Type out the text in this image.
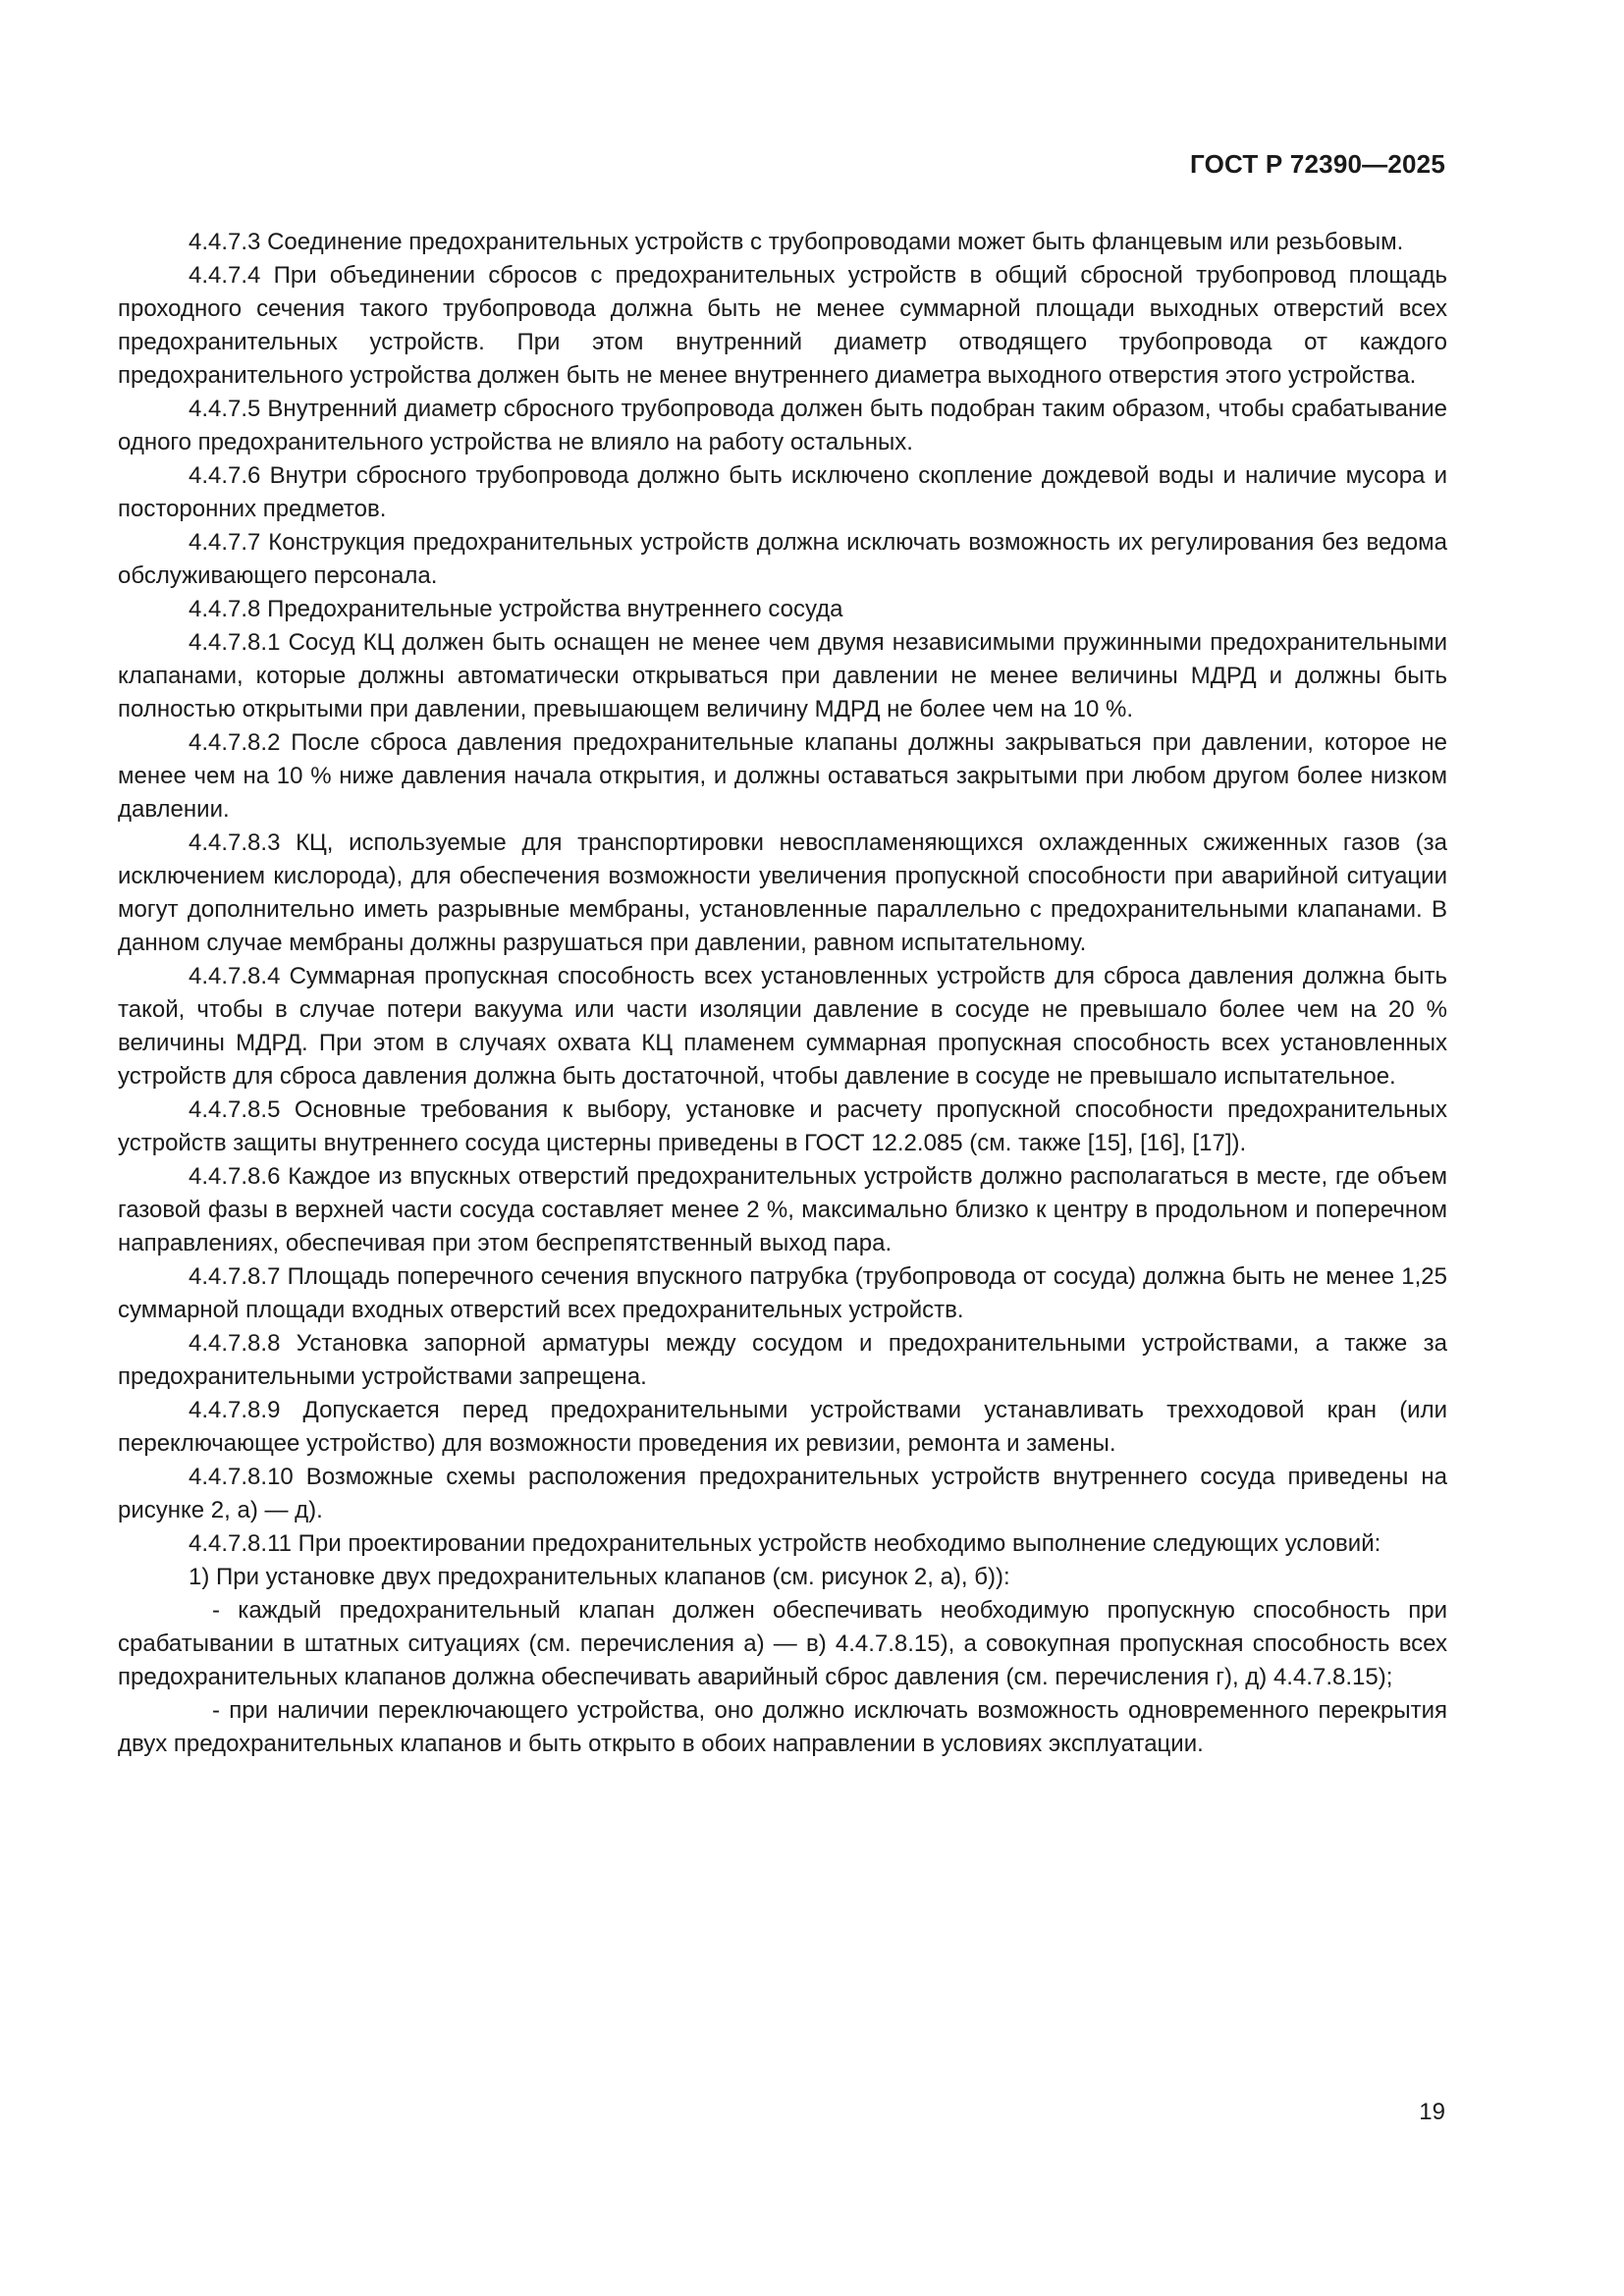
ГОСТ Р 72390—2025

4.4.7.3 Соединение предохранительных устройств с трубопроводами может быть фланцевым или резьбовым.

4.4.7.4 При объединении сбросов с предохранительных устройств в общий сбросной трубопровод площадь проходного сечения такого трубопровода должна быть не менее суммарной площади выходных отверстий всех предохранительных устройств. При этом внутренний диаметр отводящего трубопровода от каждого предохранительного устройства должен быть не менее внутреннего диаметра выходного отверстия этого устройства.

4.4.7.5 Внутренний диаметр сбросного трубопровода должен быть подобран таким образом, чтобы срабатывание одного предохранительного устройства не влияло на работу остальных.

4.4.7.6 Внутри сбросного трубопровода должно быть исключено скопление дождевой воды и наличие мусора и посторонних предметов.

4.4.7.7 Конструкция предохранительных устройств должна исключать возможность их регулирования без ведома обслуживающего персонала.

4.4.7.8 Предохранительные устройства внутреннего сосуда

4.4.7.8.1 Сосуд КЦ должен быть оснащен не менее чем двумя независимыми пружинными предохранительными клапанами, которые должны автоматически открываться при давлении не менее величины МДРД и должны быть полностью открытыми при давлении, превышающем величину МДРД не более чем на 10 %.

4.4.7.8.2 После сброса давления предохранительные клапаны должны закрываться при давлении, которое не менее чем на 10 % ниже давления начала открытия, и должны оставаться закрытыми при любом другом более низком давлении.

4.4.7.8.3 КЦ, используемые для транспортировки невоспламеняющихся охлажденных сжиженных газов (за исключением кислорода), для обеспечения возможности увеличения пропускной способности при аварийной ситуации могут дополнительно иметь разрывные мембраны, установленные параллельно с предохранительными клапанами. В данном случае мембраны должны разрушаться при давлении, равном испытательному.

4.4.7.8.4 Суммарная пропускная способность всех установленных устройств для сброса давления должна быть такой, чтобы в случае потери вакуума или части изоляции давление в сосуде не превышало более чем на 20 % величины МДРД. При этом в случаях охвата КЦ пламенем суммарная пропускная способность всех установленных устройств для сброса давления должна быть достаточной, чтобы давление в сосуде не превышало испытательное.

4.4.7.8.5 Основные требования к выбору, установке и расчету пропускной способности предохранительных устройств защиты внутреннего сосуда цистерны приведены в ГОСТ 12.2.085 (см. также [15], [16], [17]).

4.4.7.8.6 Каждое из впускных отверстий предохранительных устройств должно располагаться в месте, где объем газовой фазы в верхней части сосуда составляет менее 2 %, максимально близко к центру в продольном и поперечном направлениях, обеспечивая при этом беспрепятственный выход пара.

4.4.7.8.7 Площадь поперечного сечения впускного патрубка (трубопровода от сосуда) должна быть не менее 1,25 суммарной площади входных отверстий всех предохранительных устройств.

4.4.7.8.8 Установка запорной арматуры между сосудом и предохранительными устройствами, а также за предохранительными устройствами запрещена.

4.4.7.8.9 Допускается перед предохранительными устройствами устанавливать трехходовой кран (или переключающее устройство) для возможности проведения их ревизии, ремонта и замены.

4.4.7.8.10 Возможные схемы расположения предохранительных устройств внутреннего сосуда приведены на рисунке 2, а) — д).

4.4.7.8.11 При проектировании предохранительных устройств необходимо выполнение следующих условий:

1) При установке двух предохранительных клапанов (см. рисунок 2, а), б)):

- каждый предохранительный клапан должен обеспечивать необходимую пропускную способность при срабатывании в штатных ситуациях (см. перечисления а) — в) 4.4.7.8.15), а совокупная пропускная способность всех предохранительных клапанов должна обеспечивать аварийный сброс давления (см. перечисления г), д) 4.4.7.8.15);

- при наличии переключающего устройства, оно должно исключать возможность одновременного перекрытия двух предохранительных клапанов и быть открыто в обоих направлении в условиях эксплуатации.

19
